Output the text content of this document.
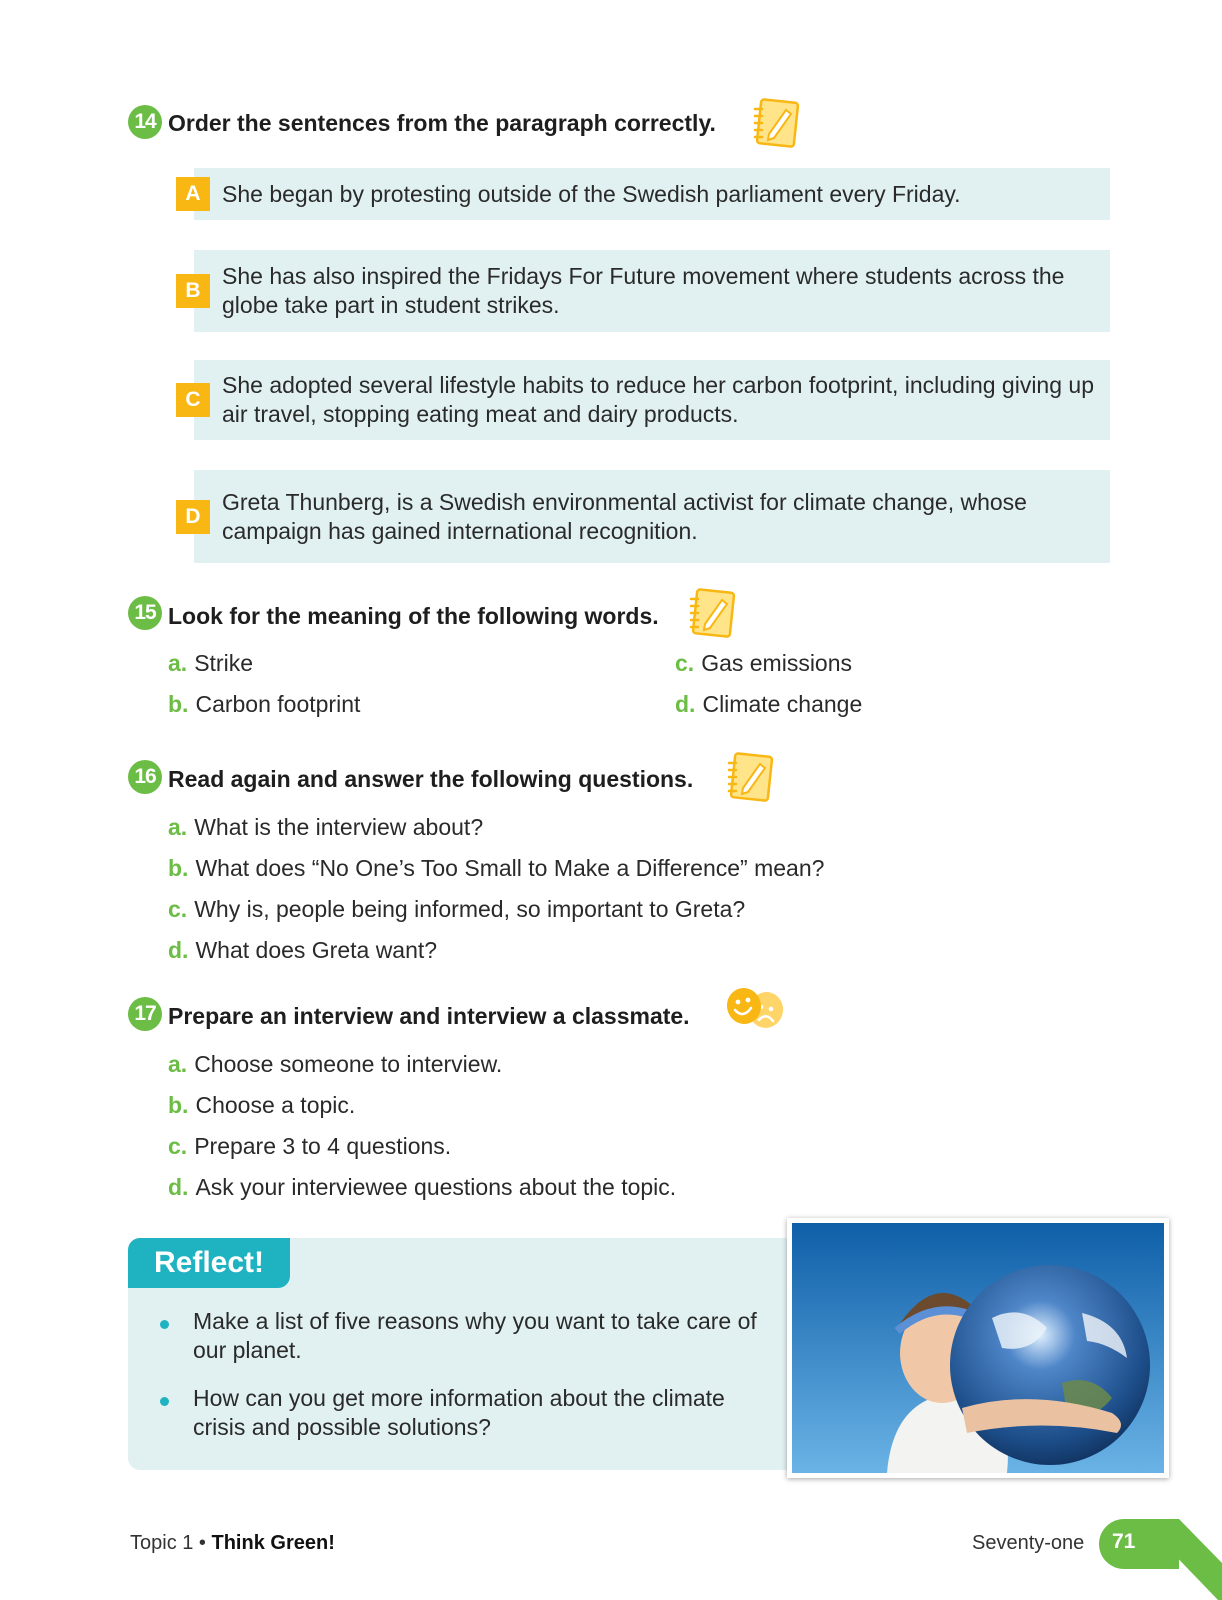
14 Order the sentences from the paragraph correctly.
She began by protesting outside of the Swedish parliament every Friday.
A
She has also inspired the Fridays For Future movement where students across the globe take part in student strikes.
B
She adopted several lifestyle habits to reduce her carbon footprint, including giving up air travel, stopping eating meat and dairy products.
C
Greta Thunberg, is a Swedish environmental activist for climate change, whose campaign has gained international recognition.
D
15 Look for the meaning of the following words.
a. Strike
b. Carbon footprint
c. Gas emissions
d. Climate change
16 Read again and answer the following questions.
a. What is the interview about?
b. What does “No One’s Too Small to Make a Difference” mean?
c. Why is, people being informed, so important to Greta?
d. What does Greta want?
17 Prepare an interview and interview a classmate.
a. Choose someone to interview.
b. Choose a topic.
c. Prepare 3 to 4 questions.
d. Ask your interviewee questions about the topic.
Reflect!
Make a list of five reasons why you want to take care of our planet.
How can you get more information about the climate crisis and possible solutions?
Topic 1 • Think Green!	Seventy-one 71
